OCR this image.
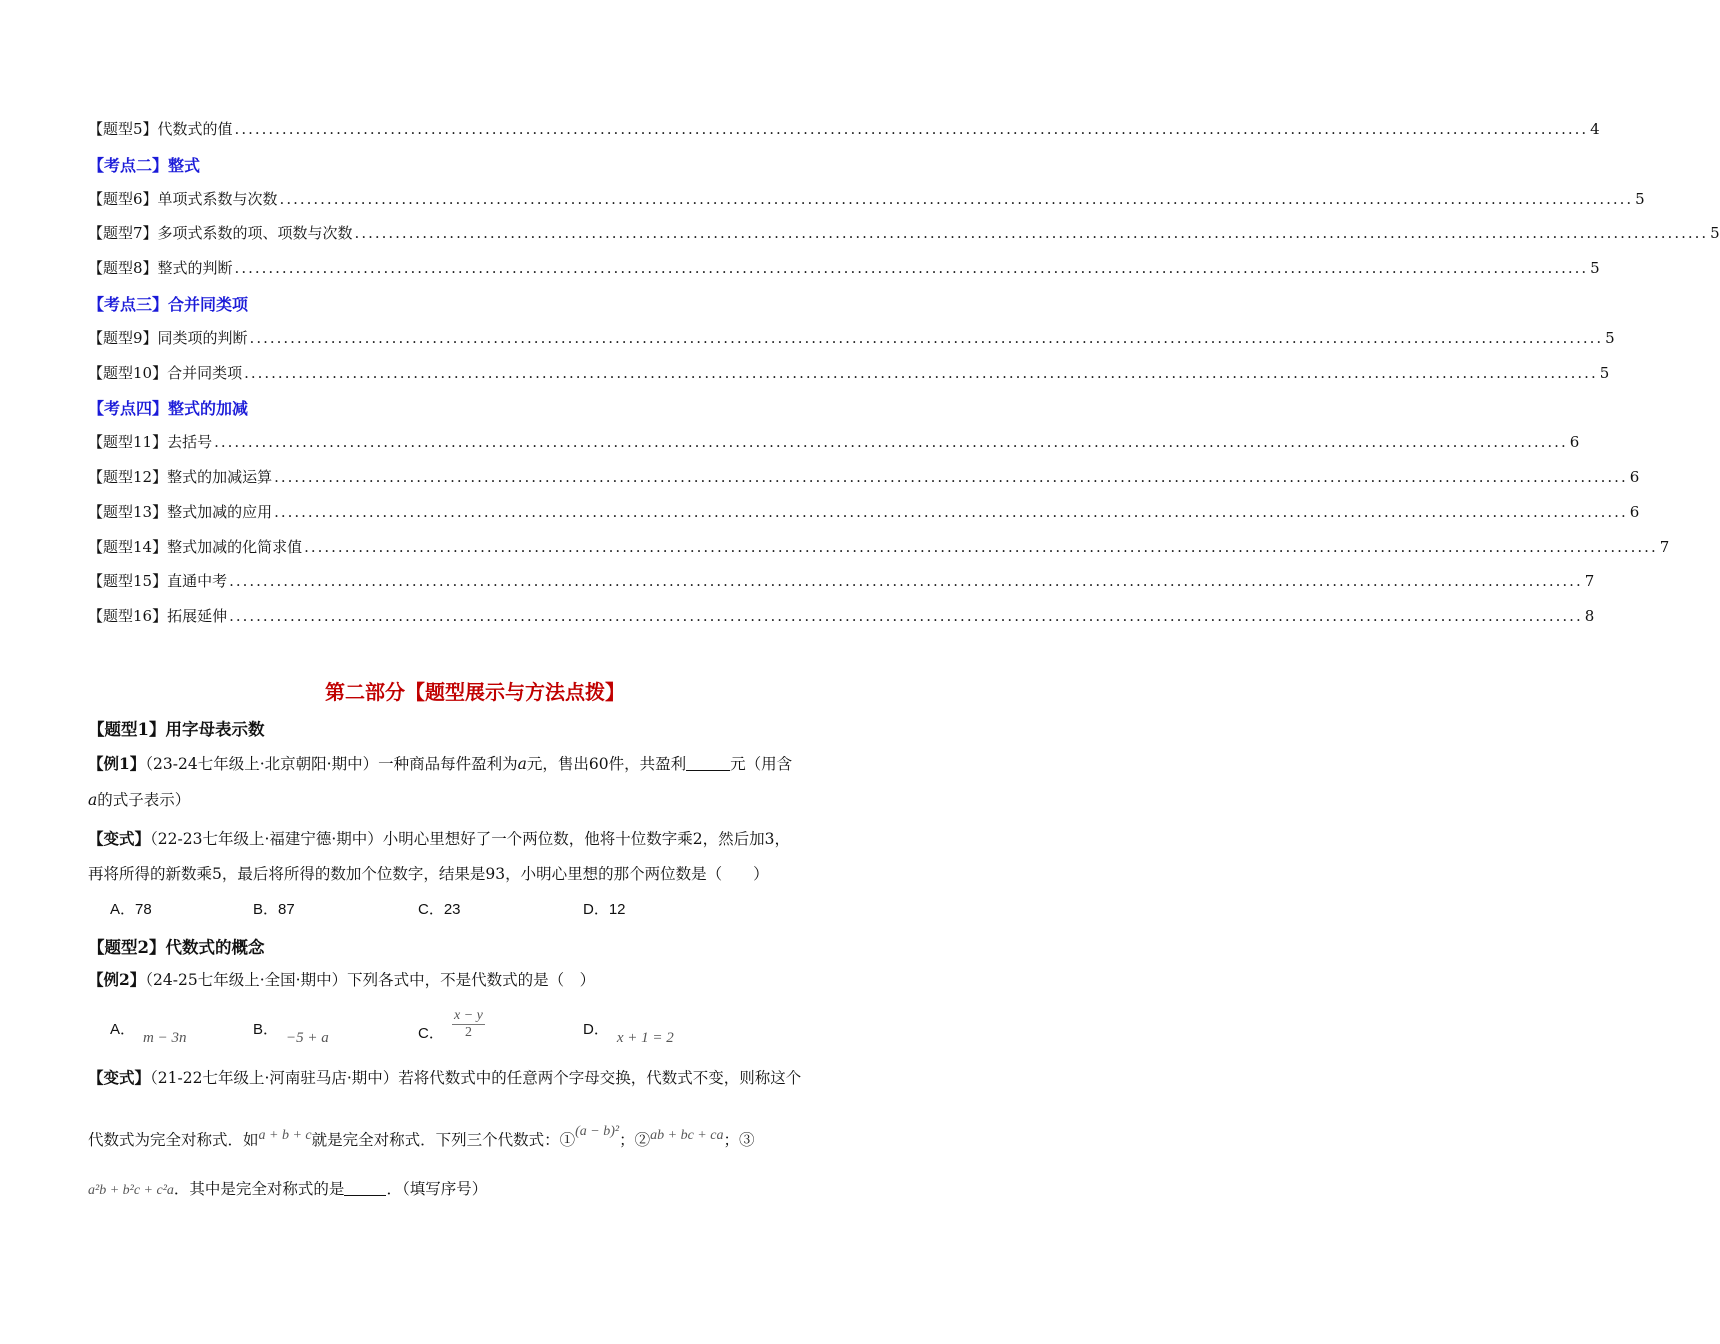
【题型5】代数式的值 ........................................................................................................................................................................................................ 4
【考点二】整式
【题型6】单项式系数与次数 ........................................................................................................................................................................................................ 5
【题型7】多项式系数的项、项数与次数 ........................................................................................................................................................................................................ 5
【题型8】整式的判断 ........................................................................................................................................................................................................ 5
【考点三】合并同类项
【题型9】同类项的判断 ........................................................................................................................................................................................................ 5
【题型10】合并同类项 ........................................................................................................................................................................................................ 5
【考点四】整式的加减
【题型11】去括号 ........................................................................................................................................................................................................ 6
【题型12】整式的加减运算 ........................................................................................................................................................................................................ 6
【题型13】整式加减的应用 ........................................................................................................................................................................................................ 6
【题型14】整式加减的化简求值 ........................................................................................................................................................................................................ 7
【题型15】直通中考 ........................................................................................................................................................................................................ 7
【题型16】拓展延伸 ........................................................................................................................................................................................................ 8
第二部分【题型展示与方法点拨】
【题型1】用字母表示数
【例1】（23-24七年级上·北京朝阳·期中）一种商品每件盈利为a元，售出60件，共盈利	元（用含
a的式子表示）
【变式】（22-23七年级上·福建宁德·期中）小明心里想好了一个两位数，他将十位数字乘2，然后加3，
再将所得的新数乘5，最后将所得的数加个位数字，结果是93，小明心里想的那个两位数是（　　）
A．78	B．87	C．23	D．12
【题型2】代数式的概念
【例2】（24-25七年级上·全国·期中）下列各式中，不是代数式的是（　）
A． m − 3n	B． −5 + a	C． $\frac{x - y}{2}$	D． x + 1 = 2
【变式】（21-22七年级上·河南驻马店·期中）若将代数式中的任意两个字母交换，代数式不变，则称这个
代数式为完全对称式．如a + b + c就是完全对称式．下列三个代数式：①(a − b)²；②ab + bc + ca；③
a²b + b²c + c²a．其中是完全对称式的是	．（填写序号）
